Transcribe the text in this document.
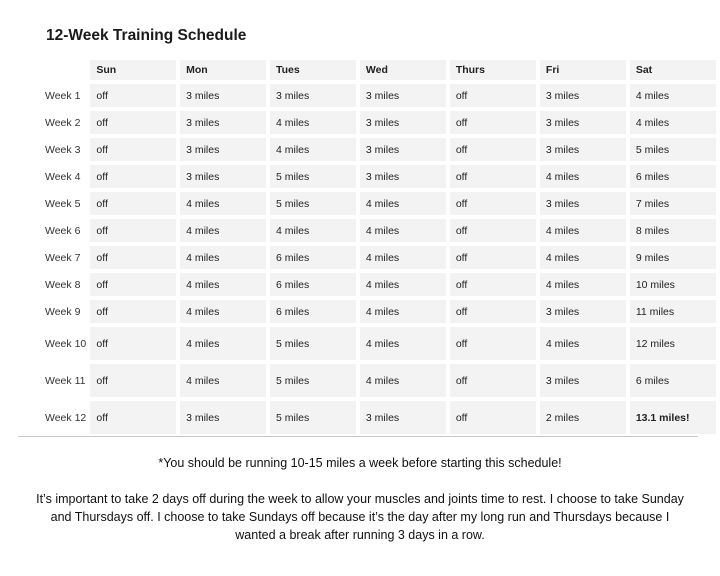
12-Week Training Schedule
	Sun	Mon	Tues	Wed	Thurs	Fri	Sat
Week 1	off	3 miles	3 miles	3 miles	off	3 miles	4 miles
Week 2	off	3 miles	4 miles	3 miles	off	3 miles	4 miles
Week 3	off	3 miles	4 miles	3 miles	off	3 miles	5 miles
Week 4	off	3 miles	5 miles	3 miles	off	4 miles	6 miles
Week 5	off	4 miles	5 miles	4 miles	off	3 miles	7 miles
Week 6	off	4 miles	4 miles	4 miles	off	4 miles	8 miles
Week 7	off	4 miles	6 miles	4 miles	off	4 miles	9 miles
Week 8	off	4 miles	6 miles	4 miles	off	4 miles	10 miles
Week 9	off	4 miles	6 miles	4 miles	off	3 miles	11 miles
Week 10	off	4 miles	5 miles	4 miles	off	4 miles	12 miles
Week 11	off	4 miles	5 miles	4 miles	off	3 miles	6 miles
Week 12	off	3 miles	5 miles	3 miles	off	2 miles	13.1 miles!
*You should be running 10-15 miles a week before starting this schedule!
It’s important to take 2 days off during the week to allow your muscles and joints time to rest. I choose to take Sunday and Thursdays off. I choose to take Sundays off because it’s the day after my long run and Thursdays because I wanted a break after running 3 days in a row.
